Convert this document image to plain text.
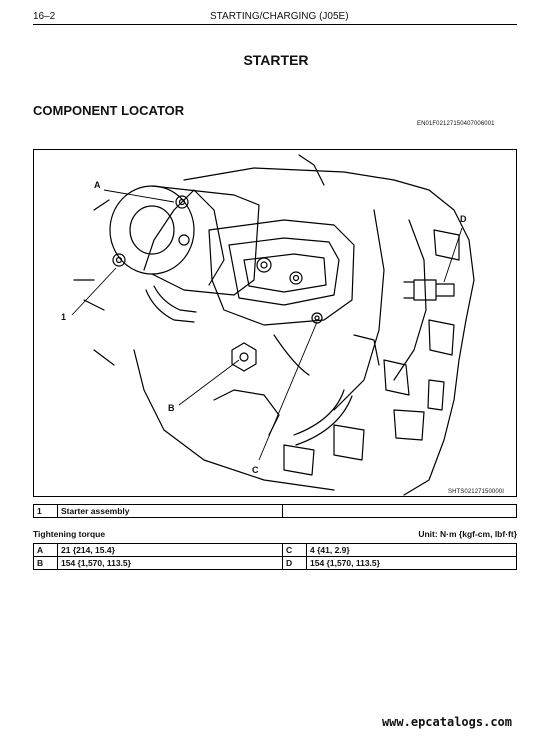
16–2	STARTING/CHARGING (J05E)
STARTER
COMPONENT LOCATOR
EN01F02127150407006001
A
1
B
C
D
SHTS02127150000I
1	Starter assembly	
Tightening torque	Unit: N·m {kgf-cm, lbf·ft}
A	21 {214, 15.4}	C	4 {41, 2.9}
B	154 {1,570, 113.5}	D	154 {1,570, 113.5}
www.epcatalogs.com
